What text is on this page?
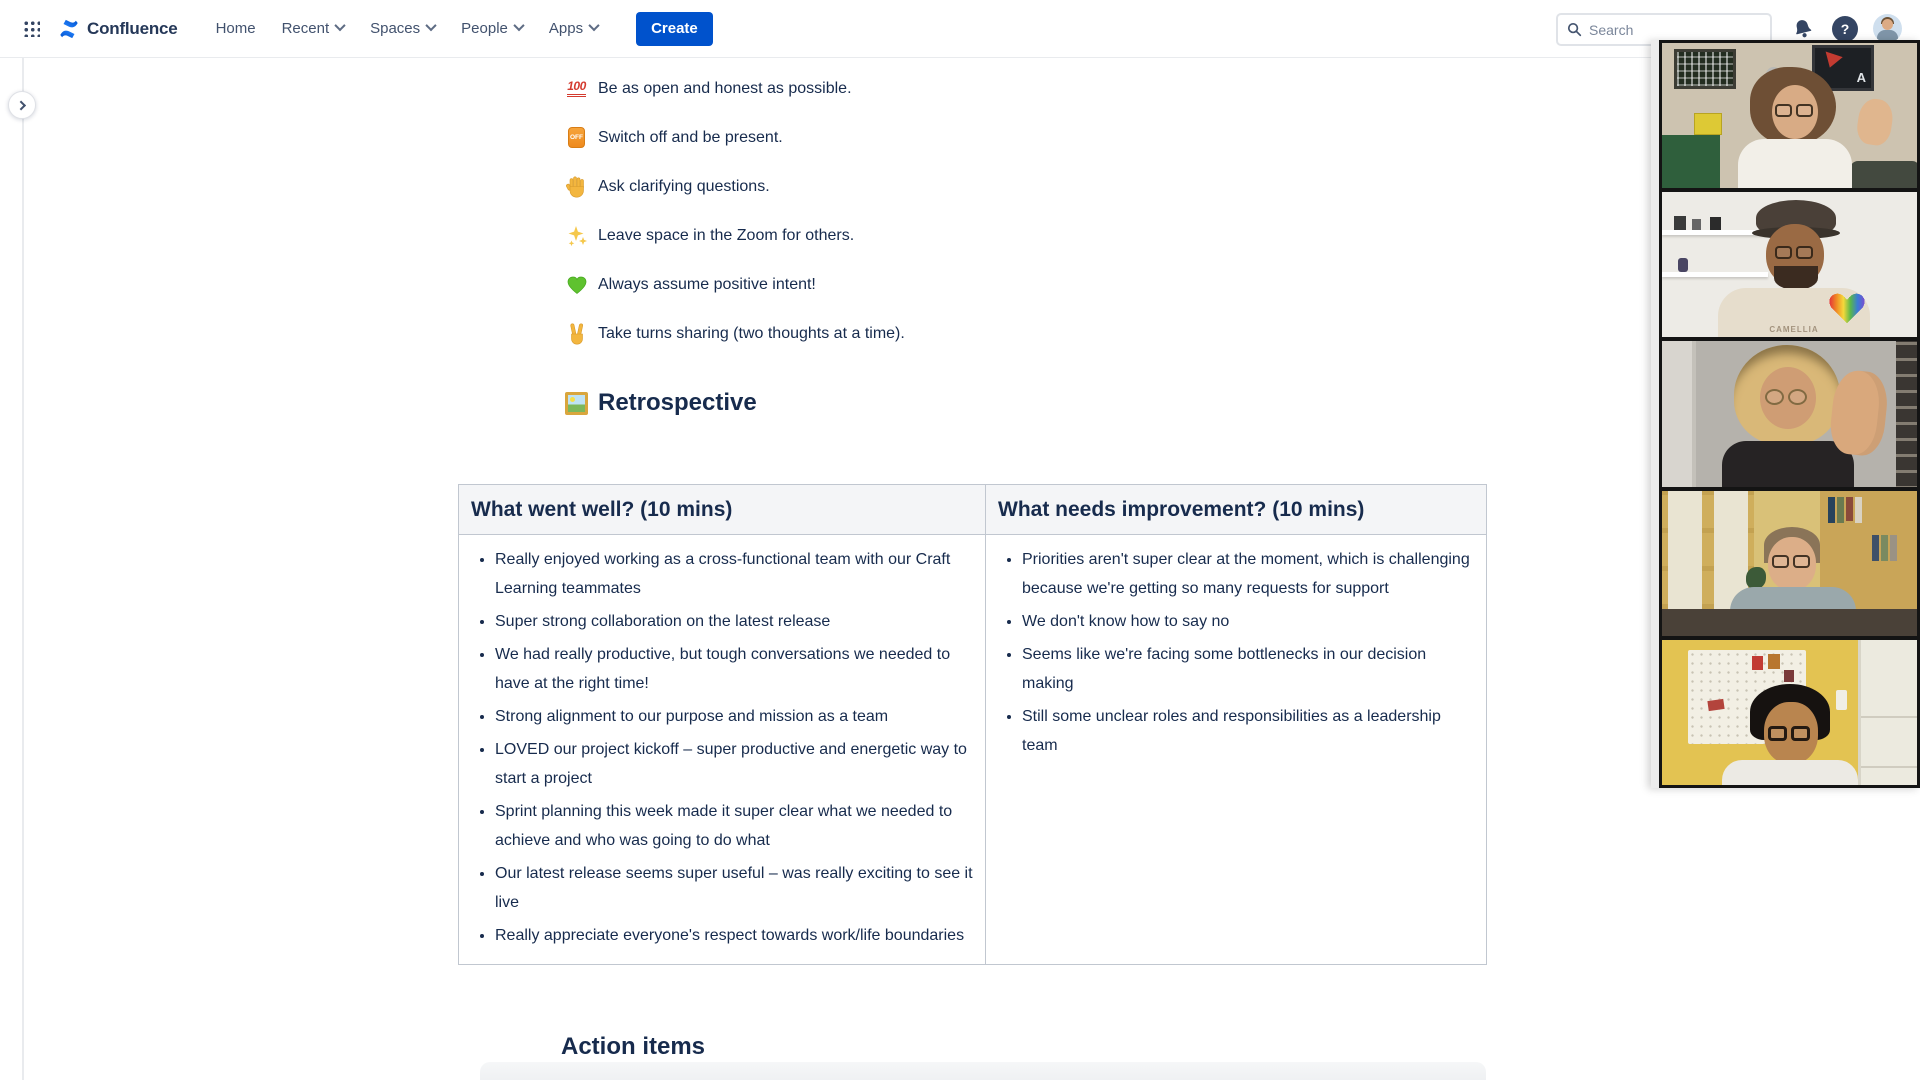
Confluence	Home Recent	Spaces	People	Apps	Create
Search	?
100 Be as open and honest as possible.
OFF Switch off and be present.
Ask clarifying questions.
Leave space in the Zoom for others.
Always assume positive intent!
Take turns sharing (two thoughts at a time).
Retrospective
What went well? (10 mins)	What needs improvement? (10 mins)

• Really enjoyed working as a cross-functional team with our Craft Learning teammates
• Super strong collaboration on the latest release
• We had really productive, but tough conversations we needed to have at the right time!
• Strong alignment to our purpose and mission as a team
• LOVED our project kickoff – super productive and energetic way to start a project
• Sprint planning this week made it super clear what we needed to achieve and who was going to do what
• Our latest release seems super useful – was really exciting to see it live
• Really appreciate everyone's respect towards work/life boundaries

• Priorities aren't super clear at the moment, which is challenging because we're getting so many requests for support
• We don't know how to say no
• Seems like we're facing some bottlenecks in our decision making
• Still some unclear roles and responsibilities as a leadership team
Action items
A
CAMELLIA
